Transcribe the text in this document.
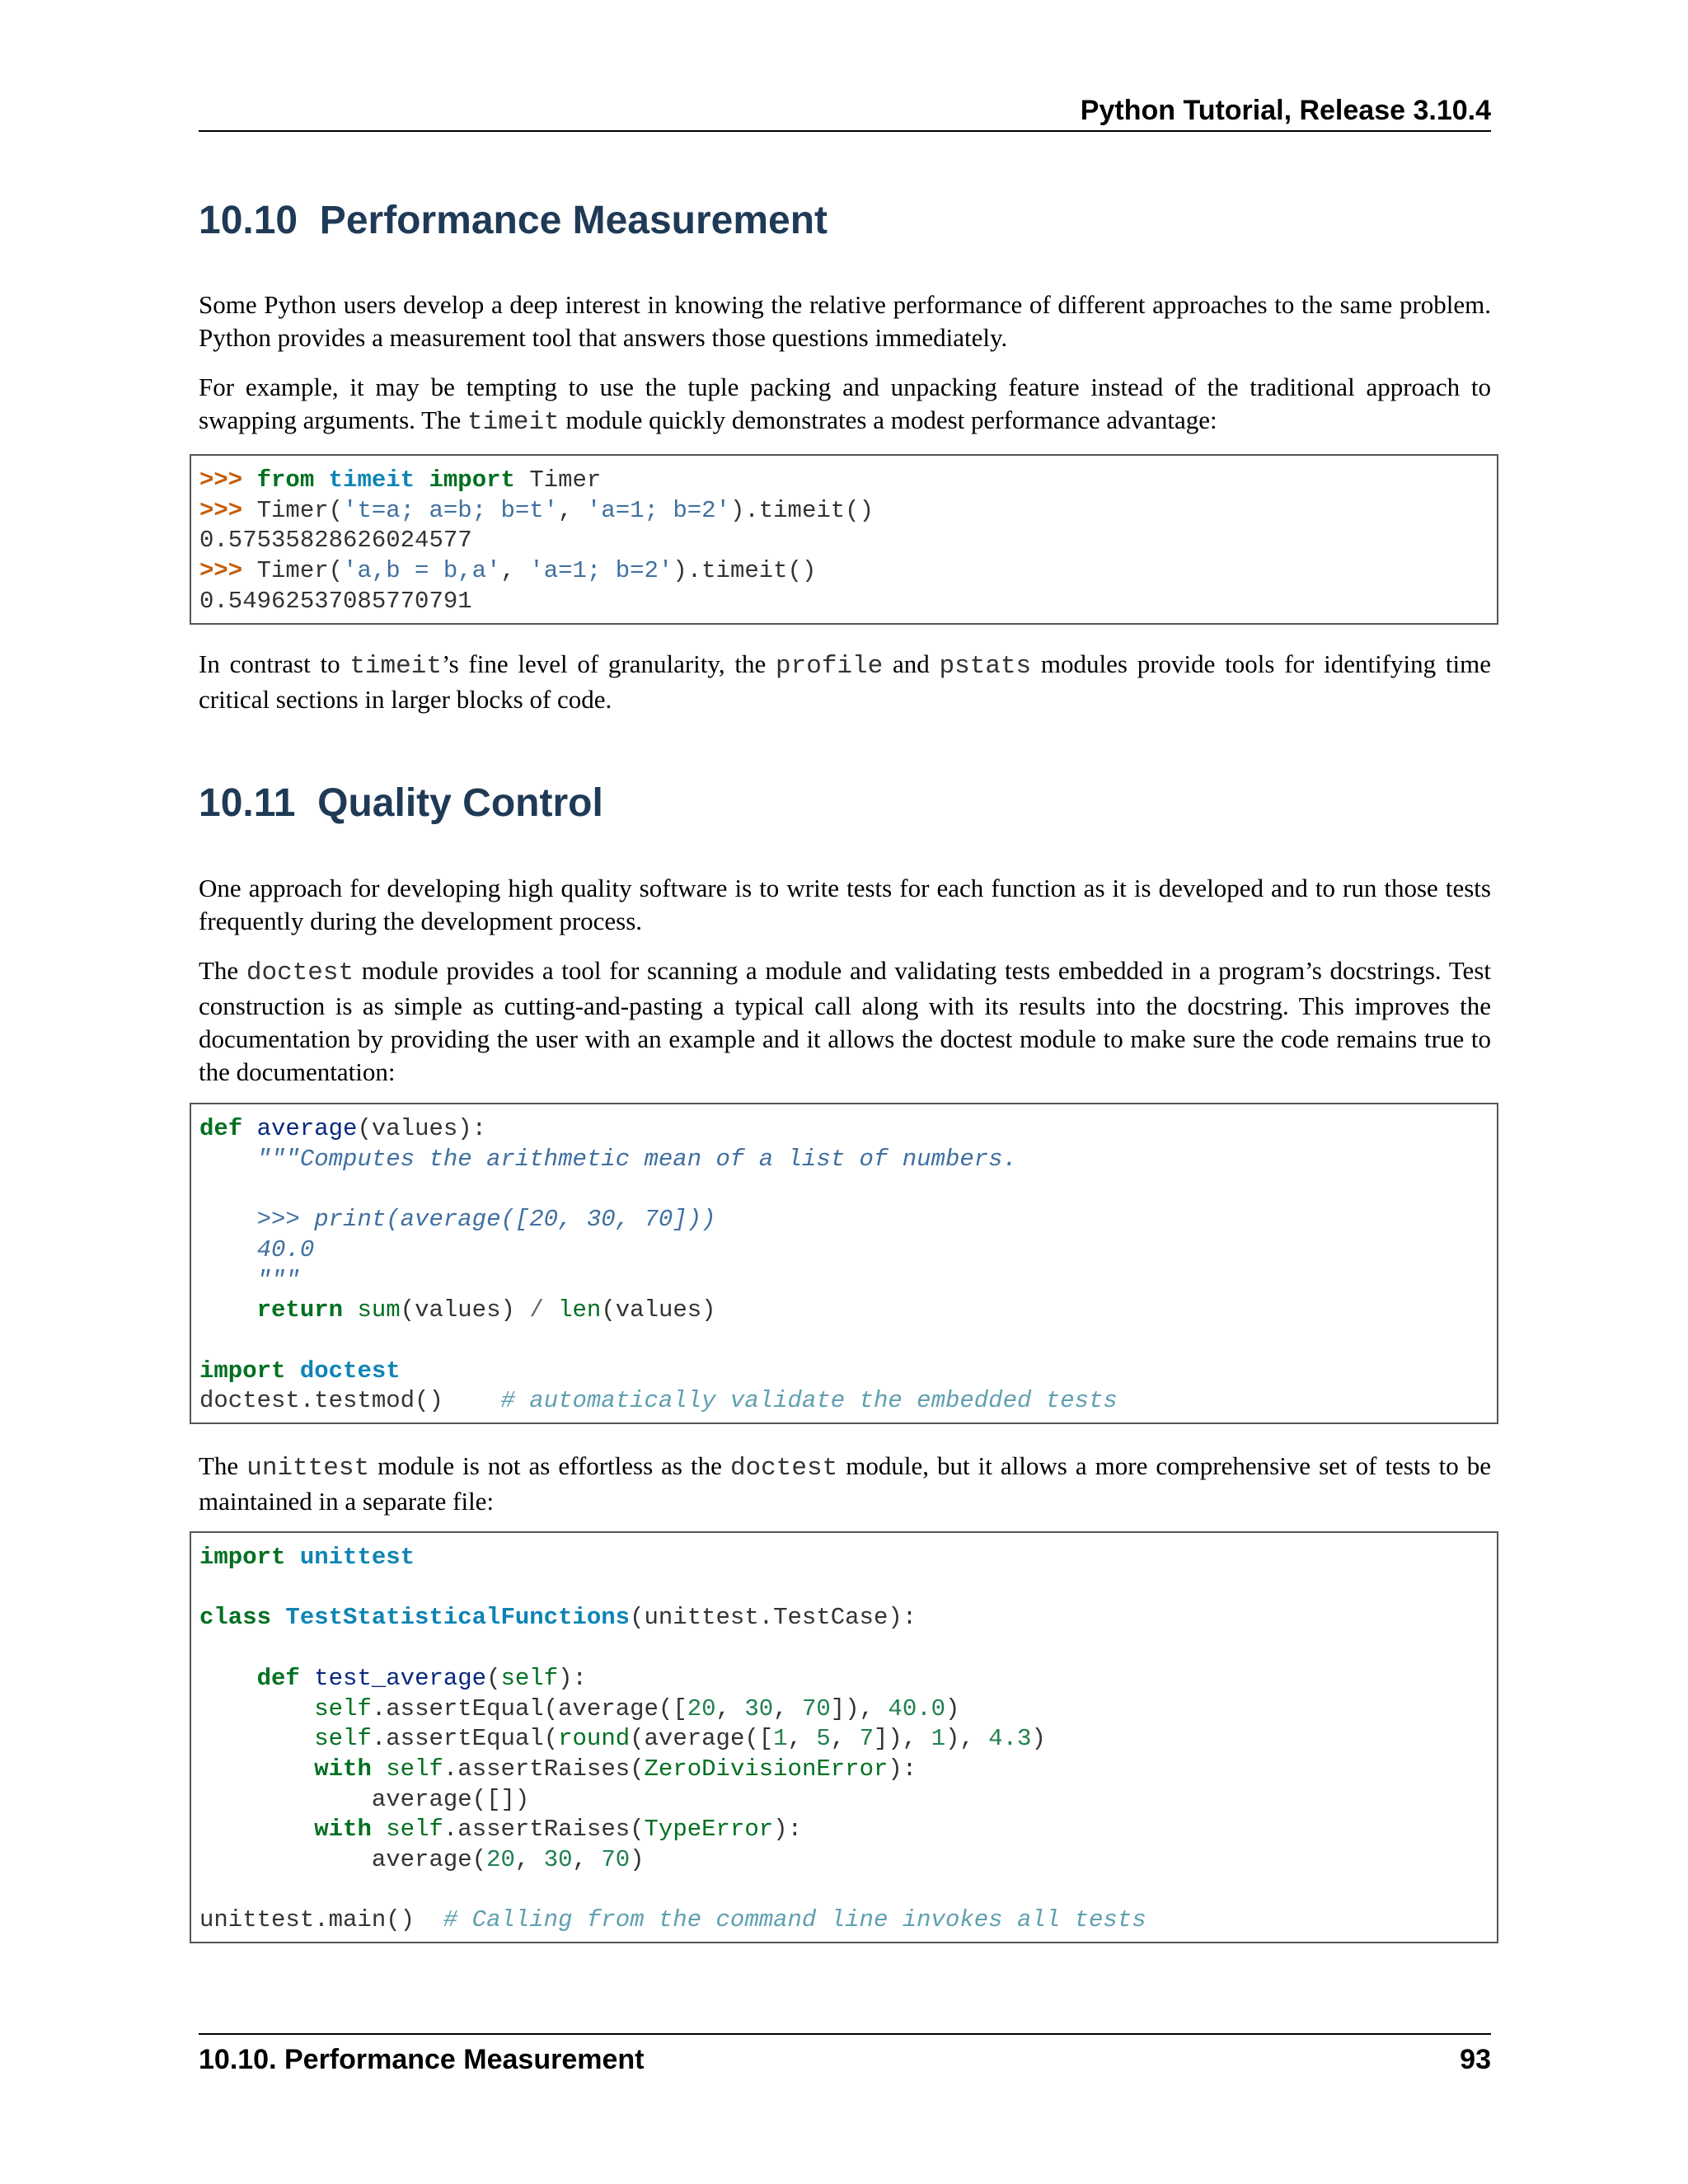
Python Tutorial, Release 3.10.4
10.10 Performance Measurement

Some Python users develop a deep interest in knowing the relative performance of different approaches to the same problem. Python provides a measurement tool that answers those questions immediately.

For example, it may be tempting to use the tuple packing and unpacking feature instead of the traditional approach to swapping arguments. The timeit module quickly demonstrates a modest performance advantage:

>>> from timeit import Timer
>>> Timer('t=a; a=b; b=t', 'a=1; b=2').timeit()
0.57535828626024577
>>> Timer('a,b = b,a', 'a=1; b=2').timeit()
0.54962537085770791

In contrast to timeit’s fine level of granularity, the profile and pstats modules provide tools for identifying time critical sections in larger blocks of code.

10.11 Quality Control

One approach for developing high quality software is to write tests for each function as it is developed and to run those tests frequently during the development process.

The doctest module provides a tool for scanning a module and validating tests embedded in a program’s docstrings. Test construction is as simple as cutting-and-pasting a typical call along with its results into the docstring. This improves the documentation by providing the user with an example and it allows the doctest module to make sure the code remains true to the documentation:

def average(values):
"""Computes the arithmetic mean of a list of numbers.

>>> print(average([20, 30, 70]))
40.0
"""
return sum(values) / len(values)

import doctest
doctest.testmod() # automatically validate the embedded tests

The unittest module is not as effortless as the doctest module, but it allows a more comprehensive set of tests to be maintained in a separate file:

import unittest

class TestStatisticalFunctions(unittest.TestCase):

def test_average(self):
self.assertEqual(average([20, 30, 70]), 40.0)
self.assertEqual(round(average([1, 5, 7]), 1), 4.3)
with self.assertRaises(ZeroDivisionError):
average([])
with self.assertRaises(TypeError):
average(20, 30, 70)

unittest.main() # Calling from the command line invokes all tests
10.10. Performance Measurement	93
